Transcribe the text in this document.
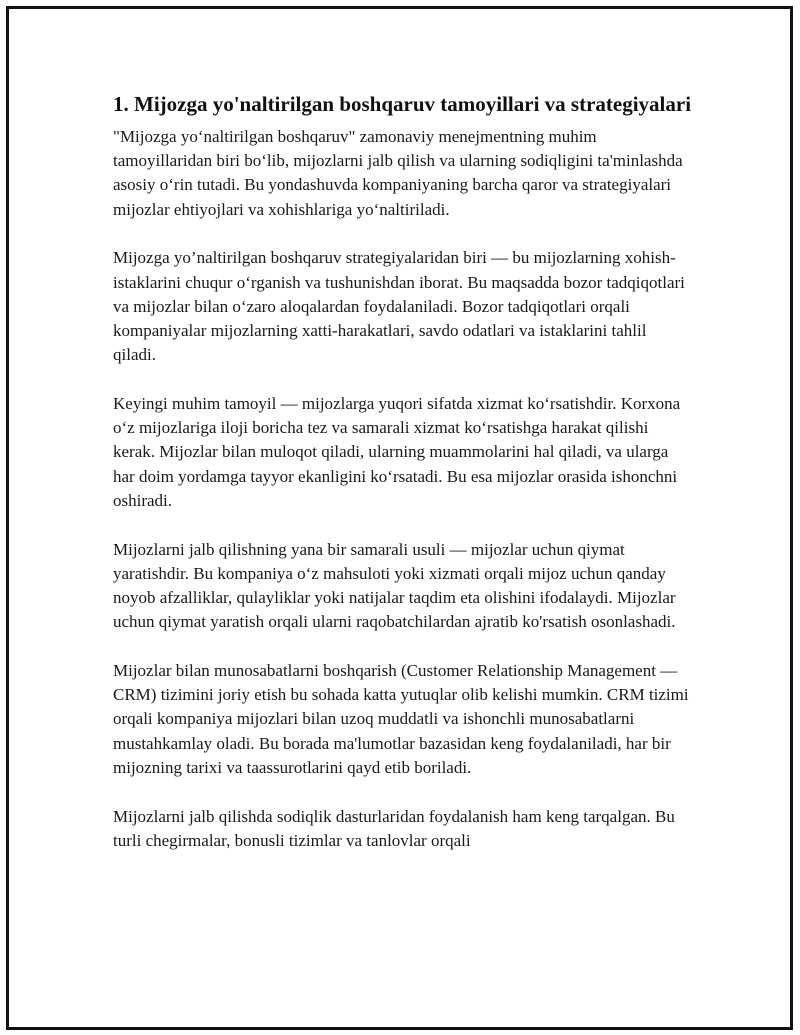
1. Mijozga yo'naltirilgan boshqaruv tamoyillari va strategiyalari

"Mijozga yo‘naltirilgan boshqaruv" zamonaviy menejmentning muhim tamoyillaridan biri bo‘lib, mijozlarni jalb qilish va ularning sodiqligini ta'minlashda asosiy o‘rin tutadi. Bu yondashuvda kompaniyaning barcha qaror va strategiyalari mijozlar ehtiyojlari va xohishlariga yo‘naltiriladi.

Mijozga yo’naltirilgan boshqaruv strategiyalaridan biri — bu mijozlarning xohish-istaklarini chuqur o‘rganish va tushunishdan iborat. Bu maqsadda bozor tadqiqotlari va mijozlar bilan o‘zaro aloqalardan foydalaniladi. Bozor tadqiqotlari orqali kompaniyalar mijozlarning xatti-harakatlari, savdo odatlari va istaklarini tahlil qiladi.

Keyingi muhim tamoyil — mijozlarga yuqori sifatda xizmat ko‘rsatishdir. Korxona o‘z mijozlariga iloji boricha tez va samarali xizmat ko‘rsatishga harakat qilishi kerak. Mijozlar bilan muloqot qiladi, ularning muammolarini hal qiladi, va ularga har doim yordamga tayyor ekanligini ko‘rsatadi. Bu esa mijozlar orasida ishonchni oshiradi.

Mijozlarni jalb qilishning yana bir samarali usuli — mijozlar uchun qiymat yaratishdir. Bu kompaniya o‘z mahsuloti yoki xizmati orqali mijoz uchun qanday noyob afzalliklar, qulayliklar yoki natijalar taqdim eta olishini ifodalaydi. Mijozlar uchun qiymat yaratish orqali ularni raqobatchilardan ajratib ko'rsatish osonlashadi.

Mijozlar bilan munosabatlarni boshqarish (Customer Relationship Management — CRM) tizimini joriy etish bu sohada katta yutuqlar olib kelishi mumkin. CRM tizimi orqali kompaniya mijozlari bilan uzoq muddatli va ishonchli munosabatlarni mustahkamlay oladi. Bu borada ma'lumotlar bazasidan keng foydalaniladi, har bir mijozning tarixi va taassurotlarini qayd etib boriladi.

Mijozlarni jalb qilishda sodiqlik dasturlaridan foydalanish ham keng tarqalgan. Bu turli chegirmalar, bonusli tizimlar va tanlovlar orqali
